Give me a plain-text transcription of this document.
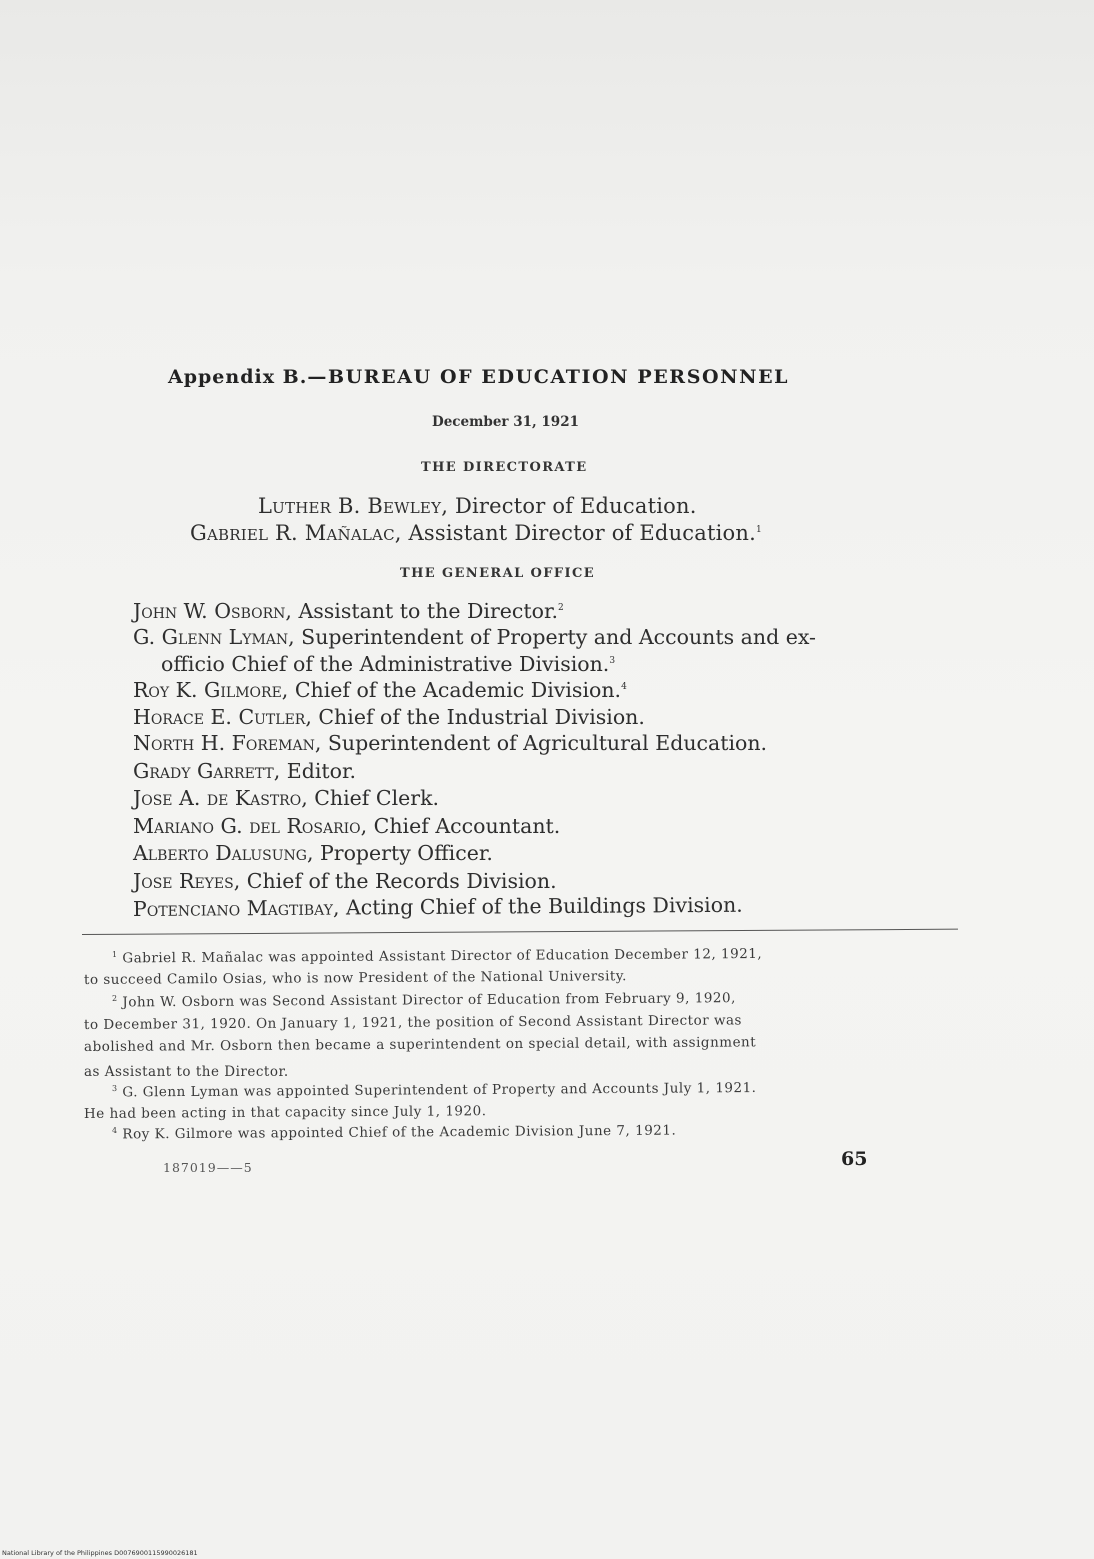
Appendix B.—BUREAU OF EDUCATION PERSONNEL
December 31, 1921
THE DIRECTORATE
Luther B. Bewley, Director of Education.
Gabriel R. Mañalac, Assistant Director of Education.$^1$
THE GENERAL OFFICE
John W. Osborn, Assistant to the Director.$^2$
G. Glenn Lyman, Superintendent of Property and Accounts and ex-
officio Chief of the Administrative Division.$^3$
Roy K. Gilmore, Chief of the Academic Division.$^4$
Horace E. Cutler, Chief of the Industrial Division.
North H. Foreman, Superintendent of Agricultural Education.
Grady Garrett, Editor.
Jose A. de Kastro, Chief Clerk.
Mariano G. del Rosario, Chief Accountant.
Alberto Dalusung, Property Officer.
Jose Reyes, Chief of the Records Division.
Potenciano Magtibay, Acting Chief of the Buildings Division.
$^1$ Gabriel R. Mañalac was appointed Assistant Director of Education December 12, 1921,
to succeed Camilo Osias, who is now President of the National University.
$^2$ John W. Osborn was Second Assistant Director of Education from February 9, 1920,
to December 31, 1920. On January 1, 1921, the position of Second Assistant Director was
abolished and Mr. Osborn then became a superintendent on special detail, with assignment
as Assistant to the Director.
$^3$ G. Glenn Lyman was appointed Superintendent of Property and Accounts July 1, 1921.
He had been acting in that capacity since July 1, 1920.
$^4$ Roy K. Gilmore was appointed Chief of the Academic Division June 7, 1921.
187019——5	65
National Library of the Philippines D0076900115990026181
